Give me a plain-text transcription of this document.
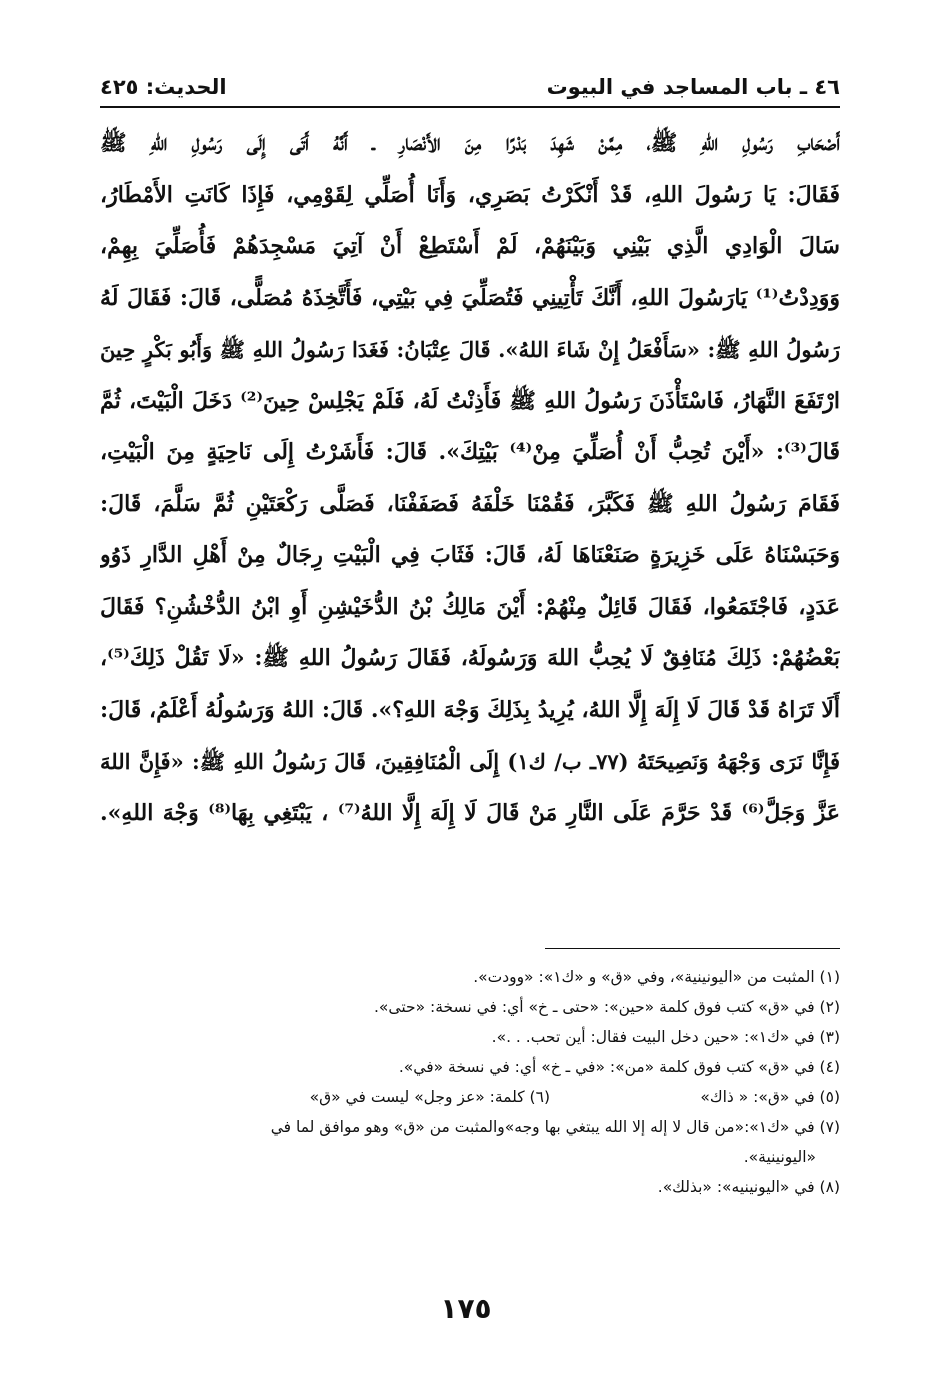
٤٦ ـ باب المساجد في البيوت
الحديث: ٤٢٥
أَصْحَابِ رَسُولِ اللهِ ﷺ، مِمَّنْ شَهِدَ بَدْرًا مِنَ الأَنْصَارِ ـ أَنَّهُ أَتَى إِلَى رَسُولِ اللهِ ﷺ
فَقَالَ: يَا رَسُولَ اللهِ، قَدْ أَنْكَرْتُ بَصَرِي، وَأَنَا أُصَلِّي لِقَوْمِي، فَإِذَا كَانَتِ الأَمْطَارُ،
سَالَ الْوَادِي الَّذِي بَيْنِي وَبَيْنَهُمْ، لَمْ أَسْتَطِعْ أَنْ آتِيَ مَسْجِدَهُمْ فَأُصَلِّيَ بِهِمْ،
وَوَدِدْتُ⁽¹⁾ يَارَسُولَ اللهِ، أَنَّكَ تَأْتِينِي فَتُصَلِّيَ فِي بَيْتِي، فَأَتَّخِذَهُ مُصَلًّى، قَالَ: فَقَالَ لَهُ
رَسُولُ اللهِ ﷺ: «سَأَفْعَلُ إِنْ شَاءَ اللهُ». قَالَ عِتْبَانُ: فَغَدَا رَسُولُ اللهِ ﷺ وَأَبُو بَكْرٍ حِينَ
ارْتَفَعَ النَّهَارُ، فَاسْتَأْذَنَ رَسُولُ اللهِ ﷺ فَأَذِنْتُ لَهُ، فَلَمْ يَجْلِسْ حِينَ⁽²⁾ دَخَلَ الْبَيْتَ، ثُمَّ
قَالَ⁽³⁾: «أَيْنَ تُحِبُّ أَنْ أُصَلِّيَ مِنْ⁽⁴⁾ بَيْتِكَ». قَالَ: فَأَشَرْتُ إِلَى نَاحِيَةٍ مِنَ الْبَيْتِ،
فَقَامَ رَسُولُ اللهِ ﷺ فَكَبَّرَ، فَقُمْنَا خَلْفَهُ فَصَفَفْنَا، فَصَلَّى رَكْعَتَيْنِ ثُمَّ سَلَّمَ، قَالَ:
وَحَبَسْنَاهُ عَلَى خَزِيرَةٍ صَنَعْنَاهَا لَهُ، قَالَ: فَثَابَ فِي الْبَيْتِ رِجَالٌ مِنْ أَهْلِ الدَّارِ ذَوُو
عَدَدٍ، فَاجْتَمَعُوا، فَقَالَ قَائِلٌ مِنْهُمْ: أَيْنَ مَالِكُ بْنُ الدُّخَيْشِنِ أَوِ ابْنُ الدُّخْشُنِ؟ فَقَالَ
بَعْضُهُمْ: ذَلِكَ مُنَافِقٌ لَا يُحِبُّ اللهَ وَرَسُولَهُ، فَقَالَ رَسُولُ اللهِ ﷺ: «لَا تَقُلْ ذَلِكَ⁽⁵⁾،
أَلَا تَرَاهُ قَدْ قَالَ لَا إِلَهَ إِلَّا اللهُ، يُرِيدُ بِذَلِكَ وَجْهَ اللهِ؟». قَالَ: اللهُ وَرَسُولُهُ أَعْلَمُ، قَالَ:
فَإِنَّا نَرَى وَجْهَهُ وَنَصِيحَتَهُ (٧٧ـ ب/ ك١) إِلَى الْمُنَافِقِينَ، قَالَ رَسُولُ اللهِ ﷺ: «فَإِنَّ اللهَ
عَزَّ وَجَلَّ⁽⁶⁾ قَدْ حَرَّمَ عَلَى النَّارِ مَنْ قَالَ لَا إِلَهَ إِلَّا اللهُ⁽⁷⁾ ، يَبْتَغِي بِهَا⁽⁸⁾ وَجْهَ اللهِ».
(١) المثبت من «اليونينية»، وفي «ق» و «ك١»: «وودت».
(٢) في «ق» كتب فوق كلمة «حين»: «حتى ـ خ» أي: في نسخة: «حتى».
(٣) في «ك١»: «حين دخل البيت فقال: أين تحب. . .».
(٤) في «ق» كتب فوق كلمة «من»: «في ـ خ» أي: في نسخة «في».
(٥) في «ق»: « ذاك»
(٦) كلمة: «عز وجل» ليست في «ق»
(٧) في «ك١»:«من قال لا إله إلا الله يبتغي بها وجه»والمثبت من «ق» وهو موافق لما في
«اليونينية».
(٨) في «اليونينيه»: «بذلك».
١٧٥
